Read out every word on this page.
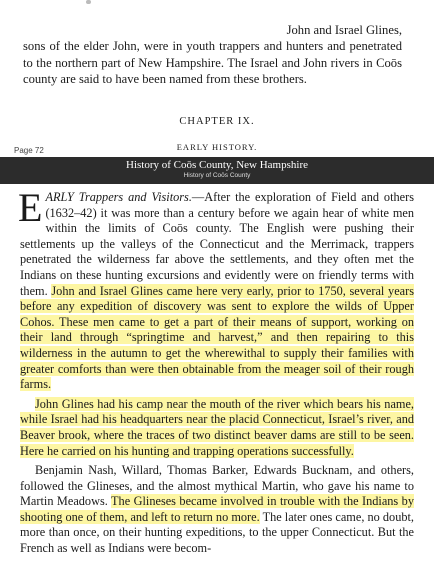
John and Israel Glines,
sons of the elder John, were in youth trappers and hunters and penetrated to the northern part of New Hampshire. The Israel and John rivers in Coōs county are said to have been named from these brothers.

CHAPTER IX.
EARLY HISTORY.
Page 72
History of Coōs County, New Hampshire
History of Coōs County

EARLY Trappers and Visitors.—After the exploration of Field and others (1632–42) it was more than a century before we again hear of white men within the limits of Coōs county. The English were pushing their settlements up the valleys of the Connecticut and the Merrimack, trappers penetrated the wilderness far above the settlements, and they often met the Indians on these hunting excursions and evidently were on friendly terms with them. John and Israel Glines came here very early, prior to 1750, several years before any expedition of discovery was sent to explore the wilds of Upper Cohos. These men came to get a part of their means of support, working on their land through “springtime and harvest,” and then repairing to this wilderness in the autumn to get the wherewithal to supply their families with greater comforts than were then obtainable from the meager soil of their rough farms.

John Glines had his camp near the mouth of the river which bears his name, while Israel had his headquarters near the placid Connecticut, Israel’s river, and Beaver brook, where the traces of two distinct beaver dams are still to be seen. Here he carried on his hunting and trapping operations successfully.

Benjamin Nash, Willard, Thomas Barker, Edwards Bucknam, and others, followed the Glineses, and the almost mythical Martin, who gave his name to Martin Meadows. The Glineses became involved in trouble with the Indians by shooting one of them, and left to return no more. The later ones came, no doubt, more than once, on their hunting expeditions, to the upper Connecticut. But the French as well as Indians were becom-
